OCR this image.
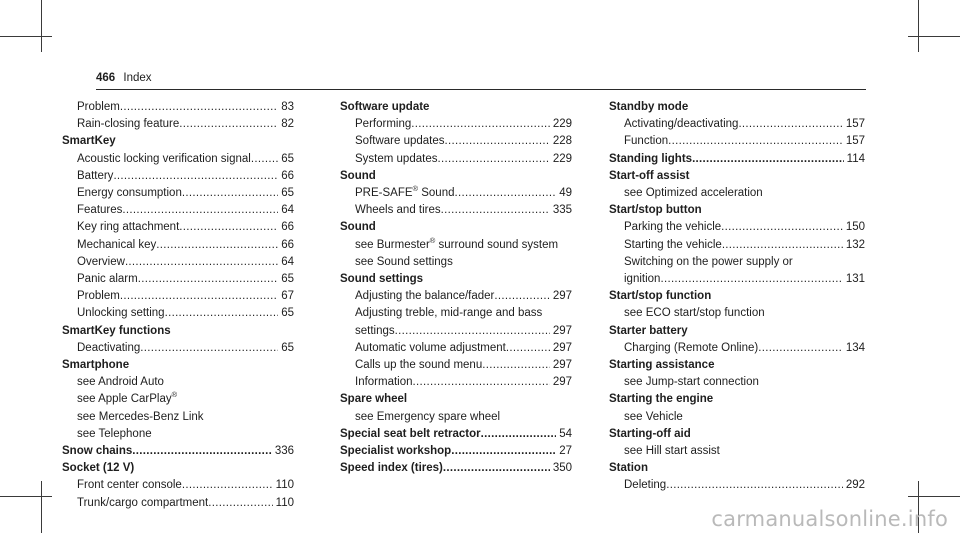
466 Index
Problem .....	83
Rain-closing feature .....	82
SmartKey
Acoustic locking verification signal .....	65
Battery .....	66
Energy consumption .....	65
Features .....	64
Key ring attachment .....	66
Mechanical key .....	66
Overview .....	64
Panic alarm .....	65
Problem .....	67
Unlocking setting .....	65
SmartKey functions
Deactivating .....	65
Smartphone
see Android Auto
see Apple CarPlay®
see Mercedes-Benz Link
see Telephone
Snow chains .....	336
Socket (12 V)
Front center console .....	110
Trunk/cargo compartment .....	110
Software update
Performing .....	229
Software updates .....	228
System updates .....	229
Sound
PRE-SAFE® Sound .....	49
Wheels and tires .....	335
Sound
see Burmester® surround sound system
see Sound settings
Sound settings
Adjusting the balance/fader .....	297
Adjusting treble, mid-range and bass
settings .....	297
Automatic volume adjustment .....	297
Calls up the sound menu .....	297
Information .....	297
Spare wheel
see Emergency spare wheel
Special seat belt retractor .....	54
Specialist workshop .....	27
Speed index (tires) .....	350
Standby mode
Activating/deactivating .....	157
Function .....	157
Standing lights .....	114
Start-off assist
see Optimized acceleration
Start/stop button
Parking the vehicle .....	150
Starting the vehicle .....	132
Switching on the power supply or
ignition .....	131
Start/stop function
see ECO start/stop function
Starter battery
Charging (Remote Online) .....	134
Starting assistance
see Jump-start connection
Starting the engine
see Vehicle
Starting-off aid
see Hill start assist
Station
Deleting .....	292
carmanualsonline.info
